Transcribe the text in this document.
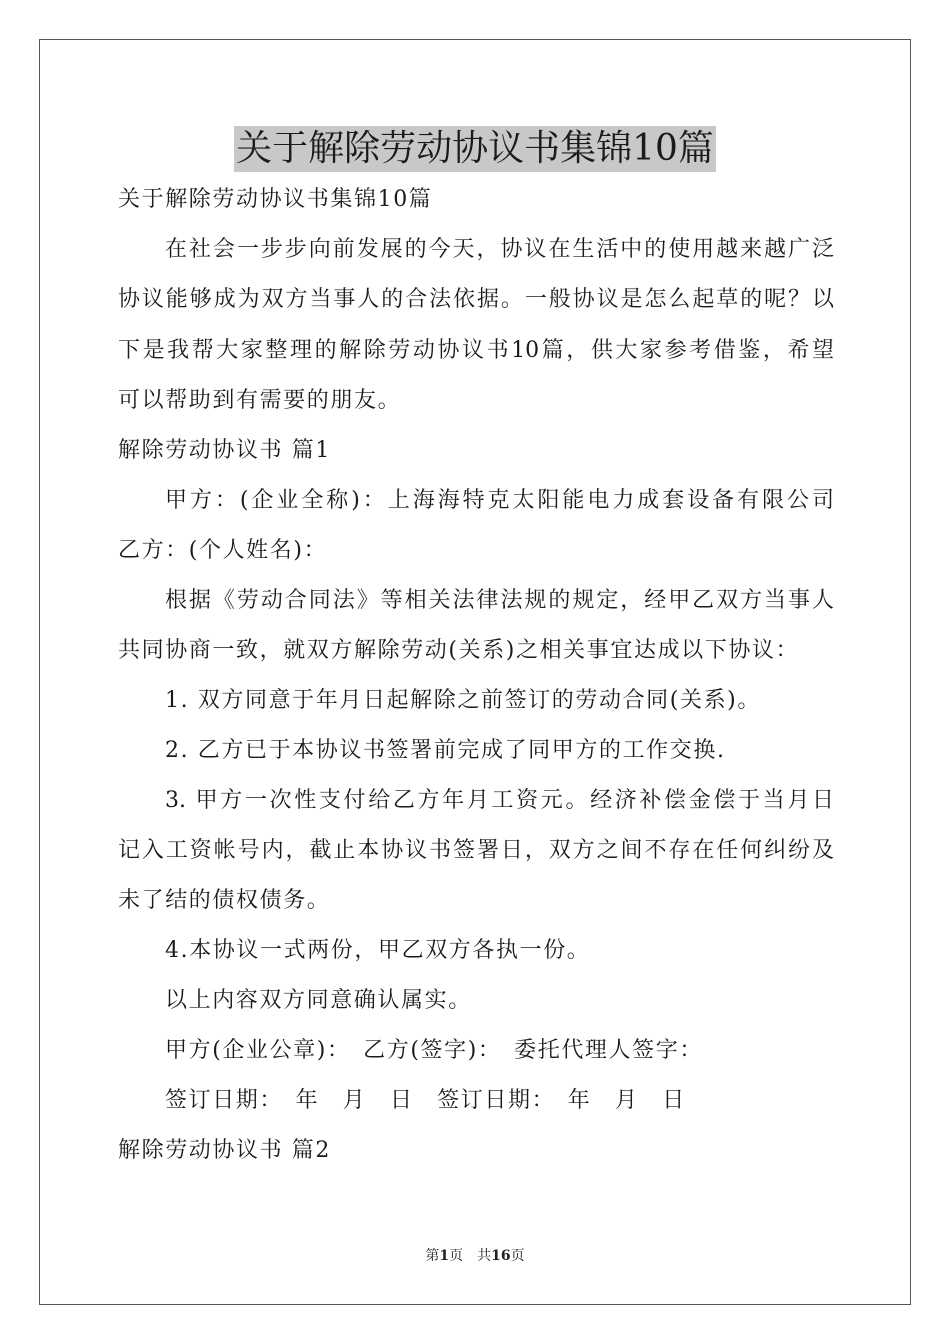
关于解除劳动协议书集锦10篇
关于解除劳动协议书集锦10篇
在社会一步步向前发展的今天，协议在生活中的使用越来越广泛
协议能够成为双方当事人的合法依据。一般协议是怎么起草的呢？以
下是我帮大家整理的解除劳动协议书10篇，供大家参考借鉴，希望
可以帮助到有需要的朋友。
解除劳动协议书 篇1
甲方：(企业全称)：上海海特克太阳能电力成套设备有限公司
乙方：(个人姓名)：
根据《劳动合同法》等相关法律法规的规定，经甲乙双方当事人
共同协商一致，就双方解除劳动(关系)之相关事宜达成以下协议：
1. 双方同意于年月日起解除之前签订的劳动合同(关系)。
2. 乙方已于本协议书签署前完成了同甲方的工作交换.
3. 甲方一次性支付给乙方年月工资元。经济补偿金偿于当月日
记入工资帐号内，截止本协议书签署日，双方之间不存在任何纠纷及
未了结的债权债务。
4.本协议一式两份，甲乙双方各执一份。
以上内容双方同意确认属实。
甲方(企业公章)：　乙方(签字)：　委托代理人签字：
签订日期：　年　月　日　签订日期：　年　月　日
解除劳动协议书 篇2
第1页 共16页
